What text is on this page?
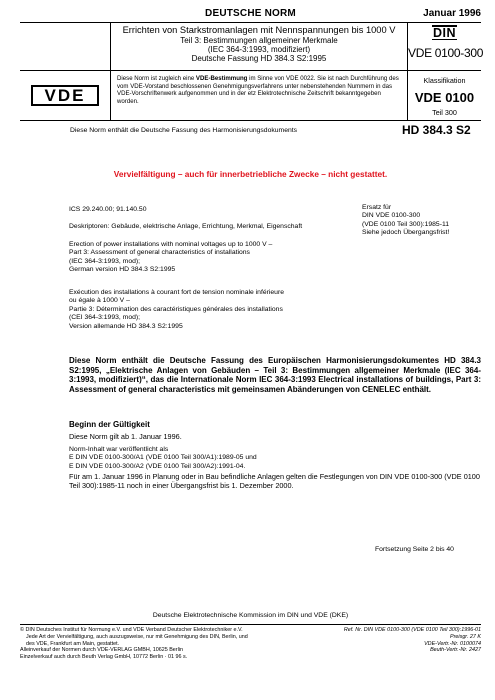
DEUTSCHE NORM	Januar 1996
Errichten von Starkstromanlagen mit Nennspannungen bis 1000 V
Teil 3: Bestimmungen allgemeiner Merkmale
(IEC 364-3:1993, modifiziert)
Deutsche Fassung HD 384.3 S2:1995
DIN
VDE 0100-300
VDE
Diese Norm ist zugleich eine VDE-Bestimmung im Sinne von VDE 0022. Sie ist nach Durchführung des vom VDE-Vorstand beschlossenen Genehmigungsverfahrens unter nebenstehenden Nummern in das VDE-Vorschriftenwerk aufgenommen und in der etz Elektrotechnische Zeitschrift bekanntgegeben worden.
Klassifikation
VDE 0100
Teil 300
Diese Norm enthält die Deutsche Fassung des Harmonisierungsdokuments	HD 384.3 S2
Vervielfältigung – auch für innerbetriebliche Zwecke – nicht gestattet.
ICS 29.240.00; 91.140.50
Deskriptoren: Gebäude, elektrische Anlage, Errichtung, Merkmal, Eigenschaft
Ersatz für
DIN VDE 0100-300
(VDE 0100 Teil 300):1985-11
Siehe jedoch Übergangsfrist!
Erection of power installations with nominal voltages up to 1000 V –
Part 3: Assessment of general characteristics of installations
(IEC 364-3:1993, mod);
German version HD 384.3 S2:1995
Exécution des installations à courant fort de tension nominale inférieure
ou égale à 1000 V –
Partie 3: Détermination des caractéristiques générales des installations
(CEI 364-3:1993, mod);
Version allemande HD 384.3 S2:1995
Diese Norm enthält die Deutsche Fassung des Europäischen Harmonisierungsdokumentes HD 384.3 S2:1995, „Elektrische Anlagen von Gebäuden – Teil 3: Bestimmungen allgemeiner Merkmale (IEC 364-3:1993, modifiziert)“, das die Internationale Norm IEC 364-3:1993 Electrical installations of buildings, Part 3: Assessment of general characteristics mit gemeinsamen Abänderungen von CENELEC enthält.
Beginn der Gültigkeit
Diese Norm gilt ab 1. Januar 1996.
Norm-Inhalt war veröffentlicht als
E DIN VDE 0100-300/A1 (VDE 0100 Teil 300/A1):1989-05 und
E DIN VDE 0100-300/A2 (VDE 0100 Teil 300/A2):1991-04.
Für am 1. Januar 1996 in Planung oder in Bau befindliche Anlagen gelten die Festlegungen von DIN VDE 0100-300 (VDE 0100 Teil 300):1985-11 noch in einer Übergangsfrist bis 1. Dezember 2000.
Fortsetzung Seite 2 bis 40
Deutsche Elektrotechnische Kommission im DIN und VDE (DKE)
© DIN Deutsches Institut für Normung e.V. und VDE Verband Deutscher Elektrotechniker e.V.
Jede Art der Vervielfältigung, auch auszugsweise, nur mit Genehmigung des DIN, Berlin, und
des VDE, Frankfurt am Main, gestattet.
Alleinverkauf der Normen durch VDE-VERLAG GMBH, 10625 Berlin
Einzelverkauf auch durch Beuth Verlag GmbH, 10772 Berlin · 01 96 s.
Ref. Nr. DIN VDE 0100-300 (VDE 0100 Teil 300):1996-01
Preisgr. 27 K
VDE-Vertr.-Nr. 0100074
Beuth-Vertr.-Nr. 2427
